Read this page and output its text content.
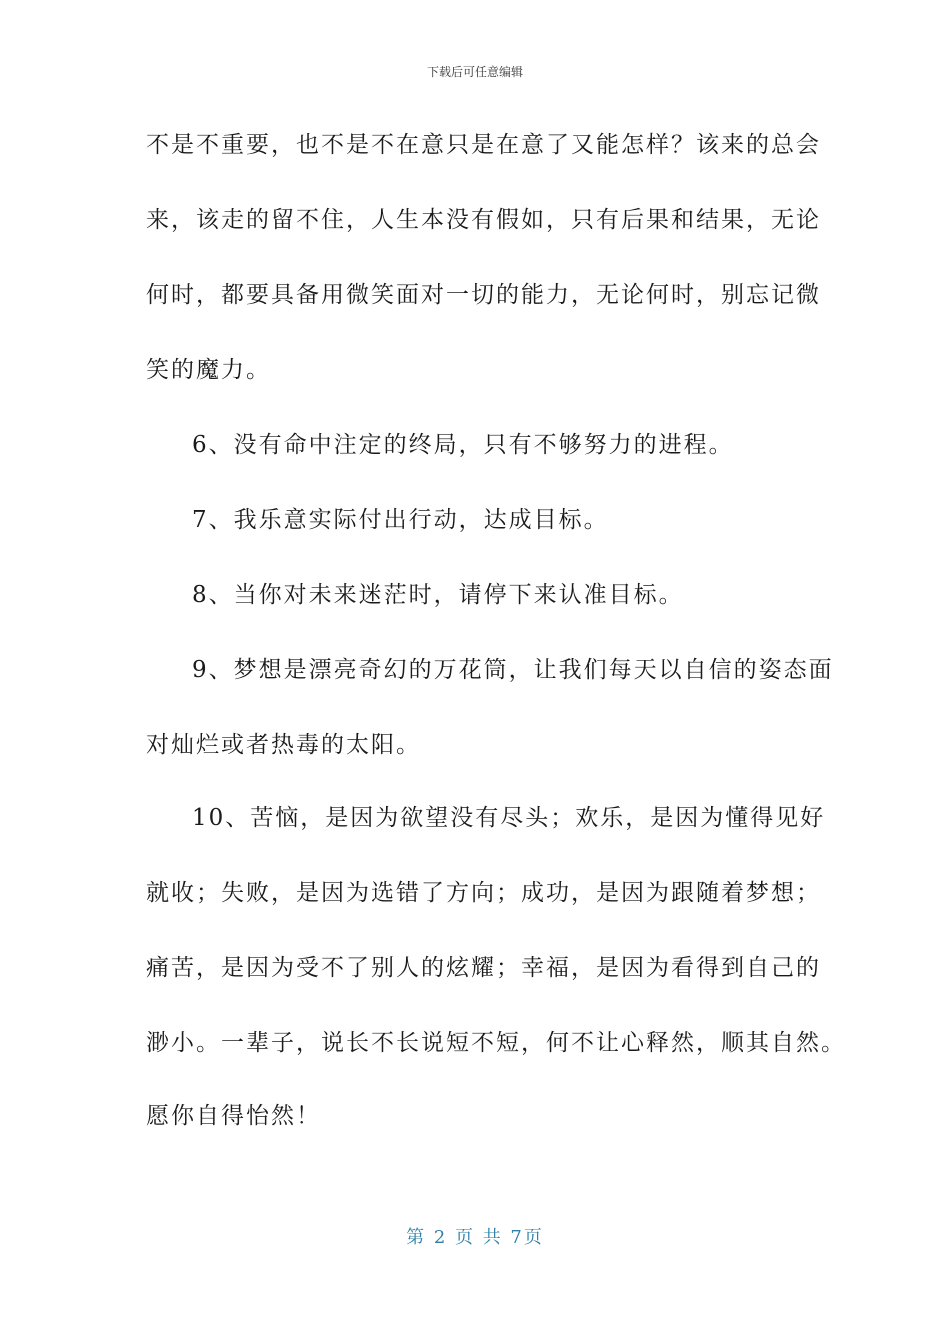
下载后可任意编辑
不是不重要，也不是不在意只是在意了又能怎样？该来的总会
来，该走的留不住，人生本没有假如，只有后果和结果，无论
何时，都要具备用微笑面对一切的能力，无论何时，别忘记微
笑的魔力。
6、没有命中注定的终局，只有不够努力的进程。
7、我乐意实际付出行动，达成目标。
8、当你对未来迷茫时，请停下来认准目标。
9、梦想是漂亮奇幻的万花筒，让我们每天以自信的姿态面
对灿烂或者热毒的太阳。
10、苦恼，是因为欲望没有尽头；欢乐，是因为懂得见好
就收；失败，是因为选错了方向；成功，是因为跟随着梦想；
痛苦，是因为受不了别人的炫耀；幸福，是因为看得到自己的
渺小。一辈子，说长不长说短不短，何不让心释然，顺其自然。
愿你自得怡然！
第 2 页 共 7页
